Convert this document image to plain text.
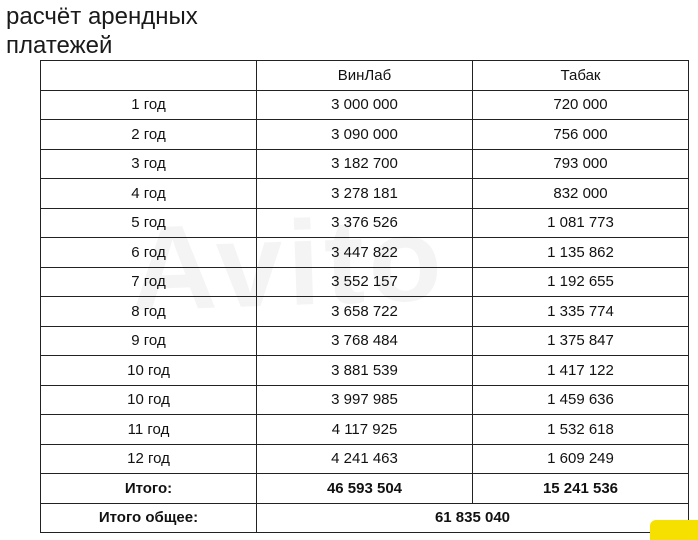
расчёт арендных
платежей
	ВинЛаб	Табак
1 год	3 000 000	720 000
2 год	3 090 000	756 000
3 год	3 182 700	793 000
4 год	3 278 181	832 000
5 год	3 376 526	1 081 773
6 год	3 447 822	1 135 862
7 год	3 552 157	1 192 655
8 год	3 658 722	1 335 774
9 год	3 768 484	1 375 847
10 год	3 881 539	1 417 122
10 год	3 997 985	1 459 636
11 год	4 117 925	1 532 618
12 год	4 241 463	1 609 249
Итого:	46 593 504	15 241 536
Итого общее:	61 835 040	
